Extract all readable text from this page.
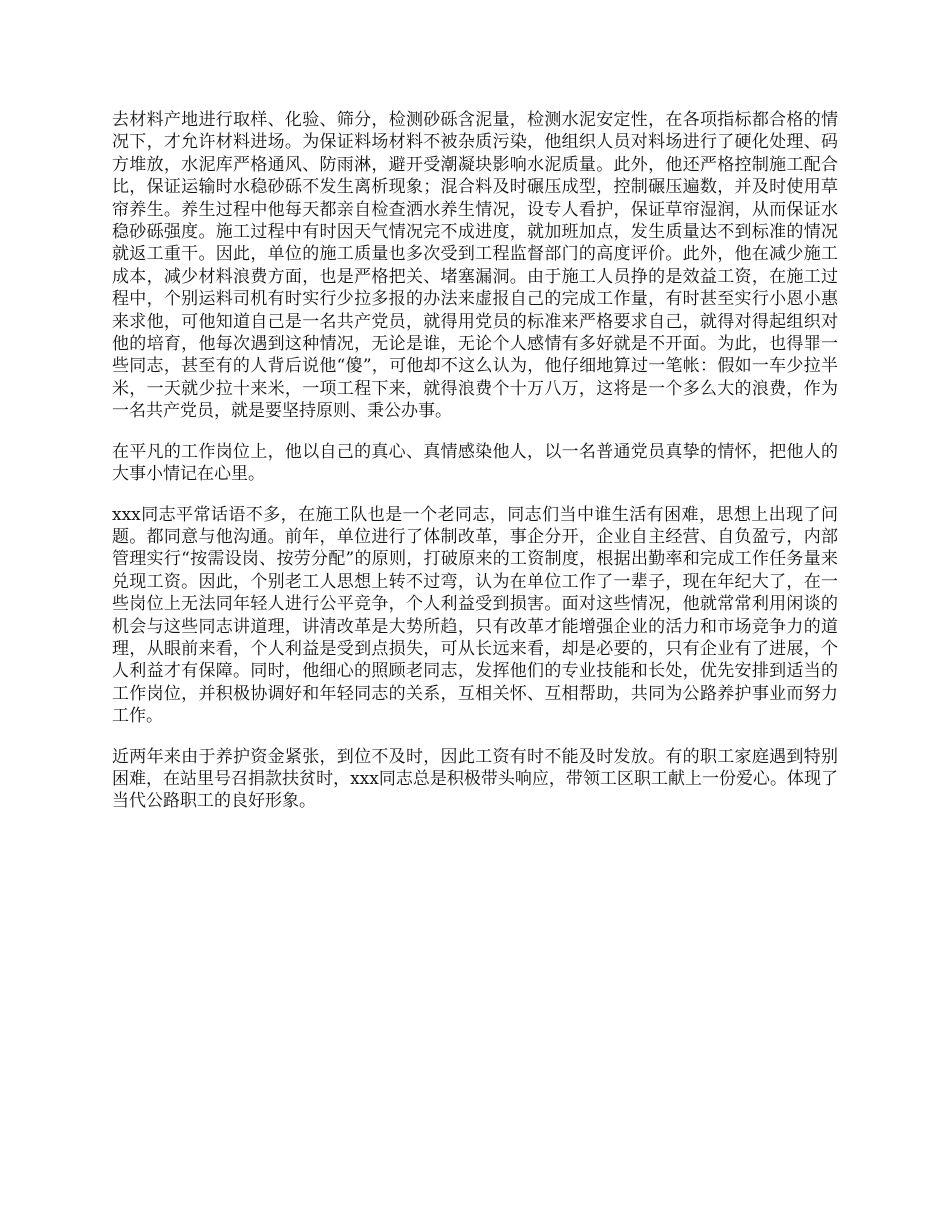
去材料产地进行取样、化验、筛分，检测砂砾含泥量，检测水泥安定性，在各项指标都合格的情况下，才允许材料进场。为保证料场材料不被杂质污染，他组织人员对料场进行了硬化处理、码方堆放，水泥库严格通风、防雨淋，避开受潮凝块影响水泥质量。此外，他还严格控制施工配合比，保证运输时水稳砂砾不发生离析现象；混合料及时碾压成型，控制碾压遍数，并及时使用草帘养生。养生过程中他每天都亲自检查洒水养生情况，设专人看护，保证草帘湿润，从而保证水稳砂砾强度。施工过程中有时因天气情况完不成进度，就加班加点，发生质量达不到标准的情况就返工重干。因此，单位的施工质量也多次受到工程监督部门的高度评价。此外，他在减少施工成本，减少材料浪费方面，也是严格把关、堵塞漏洞。由于施工人员挣的是效益工资，在施工过程中，个别运料司机有时实行少拉多报的办法来虚报自己的完成工作量，有时甚至实行小恩小惠来求他，可他知道自己是一名共产党员，就得用党员的标准来严格要求自己，就得对得起组织对他的培育，他每次遇到这种情况，无论是谁，无论个人感情有多好就是不开面。为此，也得罪一些同志，甚至有的人背后说他“傻”，可他却不这么认为，他仔细地算过一笔帐：假如一车少拉半米，一天就少拉十来米，一项工程下来，就得浪费个十万八万，这将是一个多么大的浪费，作为一名共产党员，就是要坚持原则、秉公办事。

在平凡的工作岗位上，他以自己的真心、真情感染他人，以一名普通党员真挚的情怀，把他人的大事小情记在心里。

xxx同志平常话语不多，在施工队也是一个老同志，同志们当中谁生活有困难，思想上出现了问题。都同意与他沟通。前年，单位进行了体制改革，事企分开，企业自主经营、自负盈亏，内部管理实行“按需设岗、按劳分配”的原则，打破原来的工资制度，根据出勤率和完成工作任务量来兑现工资。因此，个别老工人思想上转不过弯，认为在单位工作了一辈子，现在年纪大了，在一些岗位上无法同年轻人进行公平竞争，个人利益受到损害。面对这些情况，他就常常利用闲谈的机会与这些同志讲道理，讲清改革是大势所趋，只有改革才能增强企业的活力和市场竞争力的道理，从眼前来看，个人利益是受到点损失，可从长远来看，却是必要的，只有企业有了进展，个人利益才有保障。同时，他细心的照顾老同志，发挥他们的专业技能和长处，优先安排到适当的工作岗位，并积极协调好和年轻同志的关系，互相关怀、互相帮助，共同为公路养护事业而努力工作。

近两年来由于养护资金紧张，到位不及时，因此工资有时不能及时发放。有的职工家庭遇到特别困难，在站里号召捐款扶贫时，xxx同志总是积极带头响应，带领工区职工献上一份爱心。体现了当代公路职工的良好形象。
